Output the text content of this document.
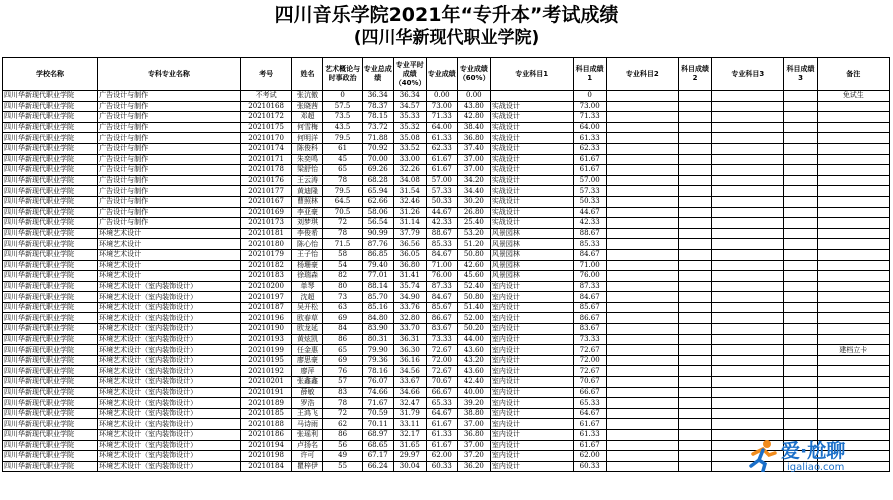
四川音乐学院2021年“专升本”考试成绩
(四川华新现代职业学院)
学校名称	专科专业名称	考号	姓名	艺术概论与时事政治	专业总成绩	专业平时成绩（40%）	专业成绩	专业成绩（60%）	专业科目1	科目成绩1	专业科目2	科目成绩2	专业科目3	科目成绩3	备注
四川华新现代职业学院	广告设计与制作	不考试	张沆傲	0	36.34	36.34	0.00	0.00		0					免试生
四川华新现代职业学院	广告设计与制作	20210168	张晓茜	57.5	78.37	34.57	73.00	43.80	实战设计	73.00					
四川华新现代职业学院	广告设计与制作	20210172	邓超	73.5	78.15	35.33	71.33	42.80	实战设计	71.33					
四川华新现代职业学院	广告设计与制作	20210175	何雪梅	43.5	73.72	35.32	64.00	38.40	实战设计	64.00					
四川华新现代职业学院	广告设计与制作	20210170	何明洋	79.5	71.88	35.08	61.33	36.80	实战设计	61.33					
四川华新现代职业学院	广告设计与制作	20210174	陈俊科	61	70.92	33.52	62.33	37.40	实战设计	62.33					
四川华新现代职业学院	广告设计与制作	20210171	朱奕鸣	45	70.00	33.00	61.67	37.00	实战设计	61.67					
四川华新现代职业学院	广告设计与制作	20210178	梁舒怡	65	69.26	32.26	61.67	37.00	实战设计	61.67					
四川华新现代职业学院	广告设计与制作	20210176	王云涛	78	68.28	34.08	57.00	34.20	实战设计	57.00					
四川华新现代职业学院	广告设计与制作	20210177	黄迪隆	79.5	65.94	31.54	57.33	34.40	实战设计	57.33					
四川华新现代职业学院	广告设计与制作	20210167	曹照林	64.5	62.66	32.46	50.33	30.20	实战设计	50.33					
四川华新现代职业学院	广告设计与制作	20210169	李亚豪	70.5	58.06	31.26	44.67	26.80	实战设计	44.67					
四川华新现代职业学院	广告设计与制作	20210173	刘梦琪	72	56.54	31.14	42.33	25.40	实战设计	42.33					
四川华新现代职业学院	环境艺术设计	20210181	李俊希	78	90.99	37.79	88.67	53.20	风景园林	88.67					
四川华新现代职业学院	环境艺术设计	20210180	陈心怡	71.5	87.76	36.56	85.33	51.20	风景园林	85.33					
四川华新现代职业学院	环境艺术设计	20210179	王子怡	58	86.85	36.05	84.67	50.80	风景园林	84.67					
四川华新现代职业学院	环境艺术设计	20210182	杨珊豪	54	79.40	36.80	71.00	42.60	风景园林	71.00					
四川华新现代职业学院	环境艺术设计	20210183	徐瑞森	82	77.01	31.41	76.00	45.60	风景园林	76.00					
四川华新现代职业学院	环境艺术设计（室内装饰设计）	20210200	单琴	80	88.14	35.74	87.33	52.40	室内设计	87.33					
四川华新现代职业学院	环境艺术设计（室内装饰设计）	20210197	沈超	73	85.70	34.90	84.67	50.80	室内设计	84.67					
四川华新现代职业学院	环境艺术设计（室内装饰设计）	20210187	吴开松	63	85.16	33.76	85.67	51.40	室内设计	85.67					
四川华新现代职业学院	环境艺术设计（室内装饰设计）	20210196	欧春草	69	84.80	32.80	86.67	52.00	室内设计	86.67					
四川华新现代职业学院	环境艺术设计（室内装饰设计）	20210190	欧龙延	84	83.90	33.70	83.67	50.20	室内设计	83.67					
四川华新现代职业学院	环境艺术设计（室内装饰设计）	20210193	黄炫凯	86	80.31	36.31	73.33	44.00	室内设计	73.33					
四川华新现代职业学院	环境艺术设计（室内装饰设计）	20210199	任金惠	65	79.90	36.30	72.67	43.60	室内设计	72.67					建档立卡
四川华新现代职业学院	环境艺术设计（室内装饰设计）	20210195	廖思豪	69	79.36	36.16	72.00	43.20	室内设计	72.00					
四川华新现代职业学院	环境艺术设计（室内装饰设计）	20210192	廖萍	76	78.16	34.56	72.67	43.60	室内设计	72.67					
四川华新现代职业学院	环境艺术设计（室内装饰设计）	20210201	张鑫鑫	57	76.07	33.67	70.67	42.40	室内设计	70.67					
四川华新现代职业学院	环境艺术设计（室内装饰设计）	20210191	薛敏	83	74.66	34.66	66.67	40.00	室内设计	66.67					
四川华新现代职业学院	环境艺术设计（室内装饰设计）	20210189	罗浩	78	71.67	32.47	65.33	39.20	室内设计	65.33					
四川华新现代职业学院	环境艺术设计（室内装饰设计）	20210185	王鸿飞	72	70.59	31.79	64.67	38.80	室内设计	64.67					
四川华新现代职业学院	环境艺术设计（室内装饰设计）	20210188	马诗雨	62	70.11	33.11	61.67	37.00	室内设计	61.67					
四川华新现代职业学院	环境艺术设计（室内装饰设计）	20210186	张瑶利	86	68.97	32.17	61.33	36.80	室内设计	61.33					
四川华新现代职业学院	环境艺术设计（室内装饰设计）	20210194	卢扬名	56	68.65	31.65	61.67	37.00	室内设计	61.67					
四川华新现代职业学院	环境艺术设计（室内装饰设计）	20210198	许可	49	67.17	29.97	62.00	37.20	室内设计	62.00					
四川华新现代职业学院	环境艺术设计（室内装饰设计）	20210184	瞿梓伊	55	66.24	30.04	60.33	36.20	室内设计	60.33					
爱·尬聊
igaliao.com
